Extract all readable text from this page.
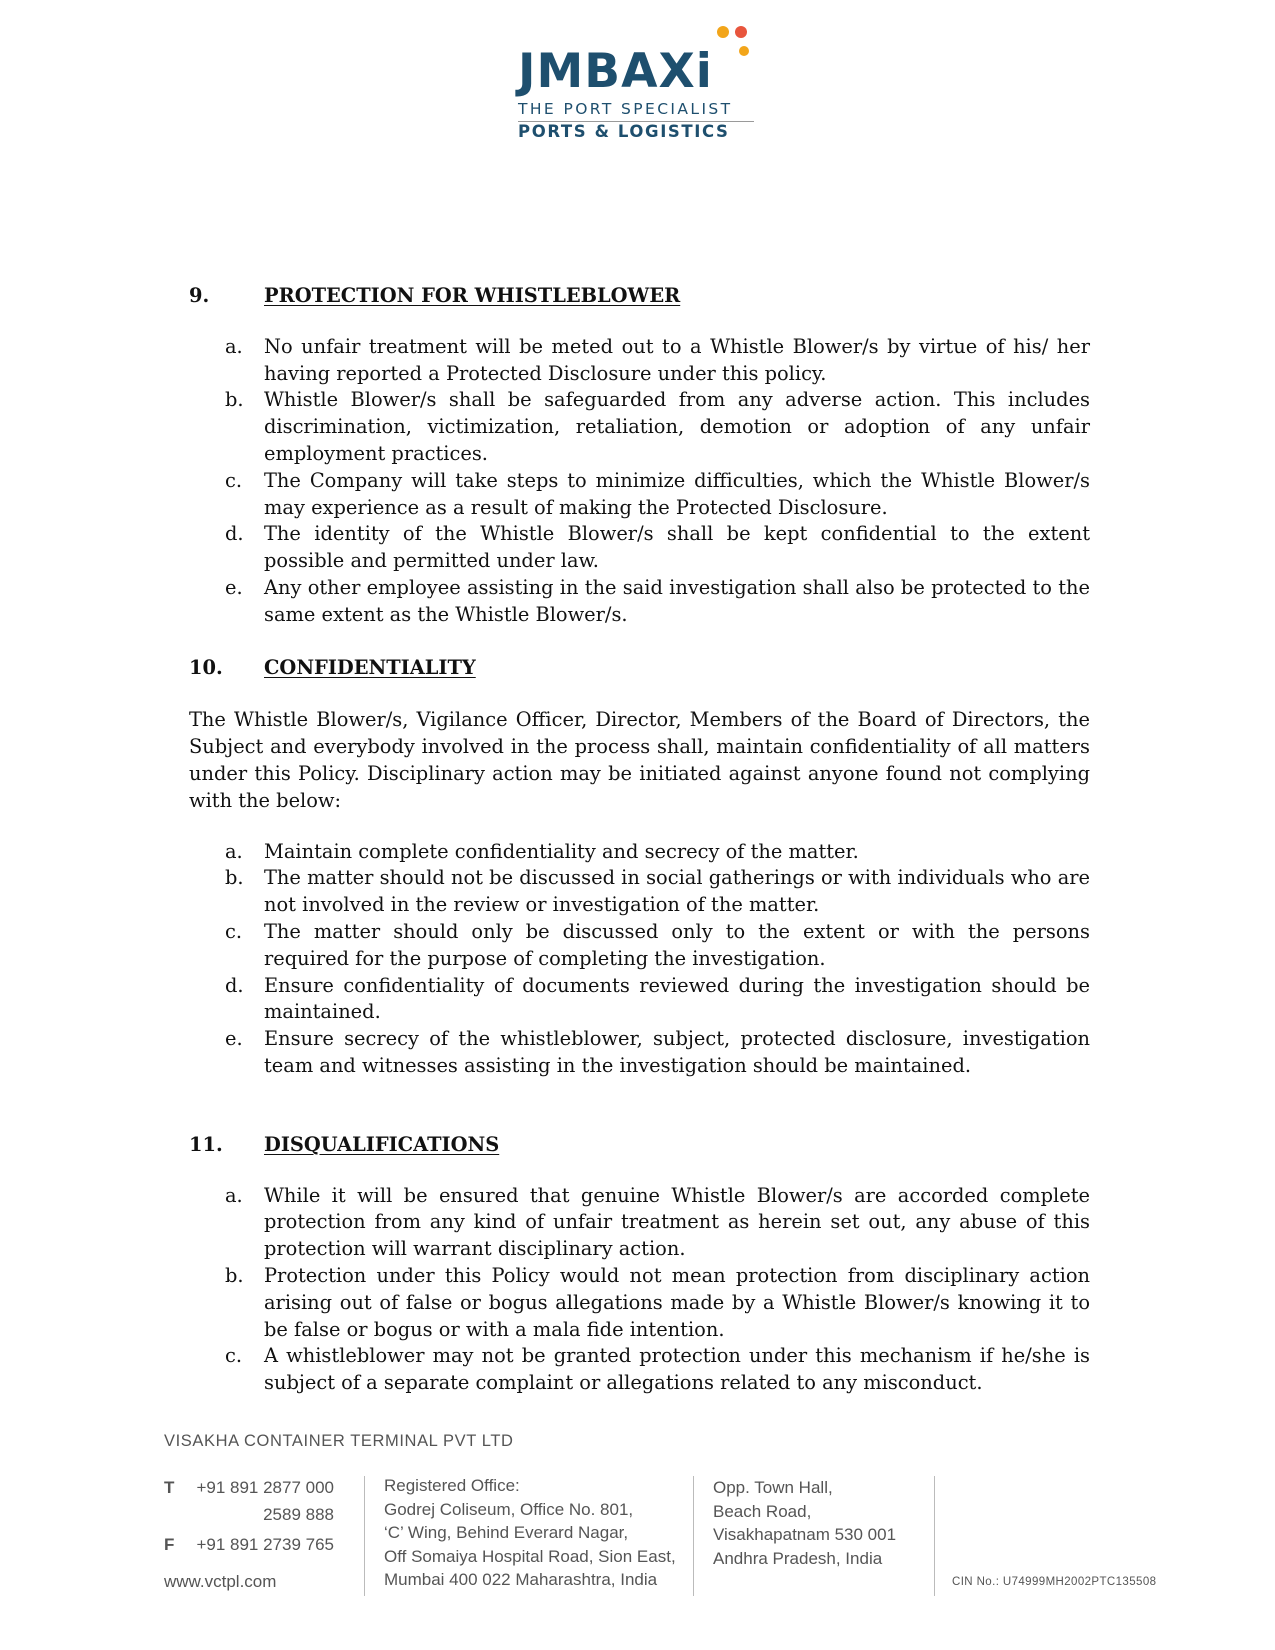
JMBAXi
THE PORT SPECIALIST
PORTS & LOGISTICS
9.	PROTECTION FOR WHISTLEBLOWER
a.	No unfair treatment will be meted out to a Whistle Blower/s by virtue of his/ her having reported a Protected Disclosure under this policy.
b.	Whistle Blower/s shall be safeguarded from any adverse action. This includes discrimination, victimization, retaliation, demotion or adoption of any unfair employment practices.
c.	The Company will take steps to minimize difficulties, which the Whistle Blower/s may experience as a result of making the Protected Disclosure.
d.	The identity of the Whistle Blower/s shall be kept confidential to the extent possible and permitted under law.
e.	Any other employee assisting in the said investigation shall also be protected to the same extent as the Whistle Blower/s.
10.	CONFIDENTIALITY

The Whistle Blower/s, Vigilance Officer, Director, Members of the Board of Directors, the Subject and everybody involved in the process shall, maintain confidentiality of all matters under this Policy. Disciplinary action may be initiated against anyone found not complying with the below:

a.	Maintain complete confidentiality and secrecy of the matter.
b.	The matter should not be discussed in social gatherings or with individuals who are not involved in the review or investigation of the matter.
c.	The matter should only be discussed only to the extent or with the persons required for the purpose of completing the investigation.
d.	Ensure confidentiality of documents reviewed during the investigation should be maintained.
e.	Ensure secrecy of the whistleblower, subject, protected disclosure, investigation team and witnesses assisting in the investigation should be maintained.
11.	DISQUALIFICATIONS
a.	While it will be ensured that genuine Whistle Blower/s are accorded complete protection from any kind of unfair treatment as herein set out, any abuse of this protection will warrant disciplinary action.
b.	Protection under this Policy would not mean protection from disciplinary action arising out of false or bogus allegations made by a Whistle Blower/s knowing it to be false or bogus or with a mala fide intention.
c.	A whistleblower may not be granted protection under this mechanism if he/she is subject of a separate complaint or allegations related to any misconduct.
VISAKHA CONTAINER TERMINAL PVT LTD
T	+91 891 2877 000
2589 888
F	+91 891 2739 765
www.vctpl.com
Registered Office:
Godrej Coliseum, Office No. 801,
‘C’ Wing, Behind Everard Nagar,
Off Somaiya Hospital Road, Sion East,
Mumbai 400 022 Maharashtra, India
Opp. Town Hall,
Beach Road,
Visakhapatnam 530 001
Andhra Pradesh, India
CIN No.: U74999MH2002PTC135508
